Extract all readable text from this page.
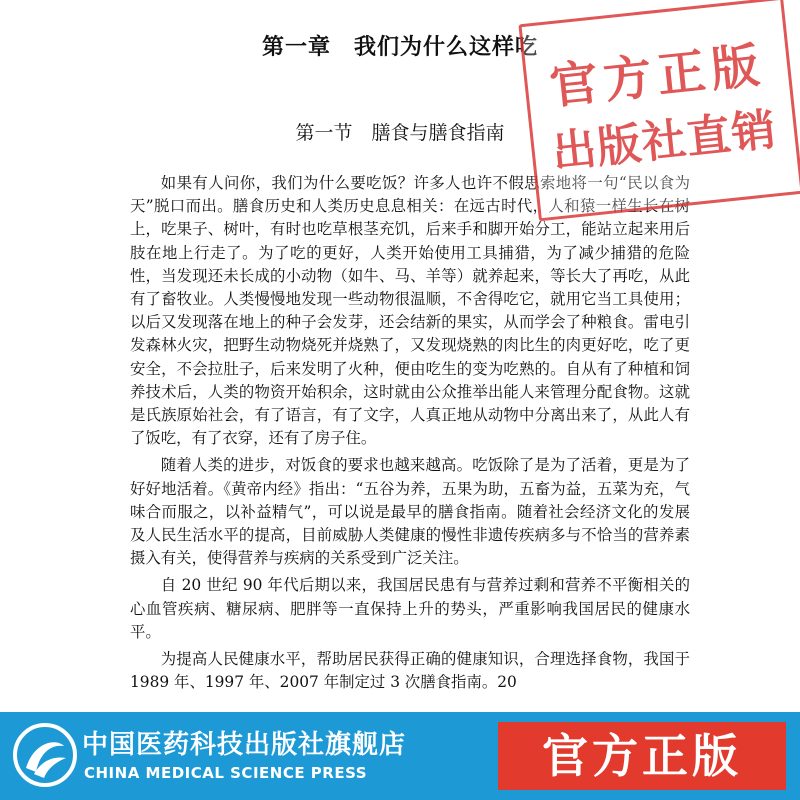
第一章　我们为什么这样吃
第一节　膳食与膳食指南

如果有人问你，我们为什么要吃饭？许多人也许不假思索地将一句“民以食为天”脱口而出。膳食历史和人类历史息息相关：在远古时代，人和猿一样生长在树上，吃果子、树叶，有时也吃草根茎充饥，后来手和脚开始分工，能站立起来用后肢在地上行走了。为了吃的更好，人类开始使用工具捕猎，为了减少捕猎的危险性，当发现还未长成的小动物（如牛、马、羊等）就养起来，等长大了再吃，从此有了畜牧业。人类慢慢地发现一些动物很温顺，不舍得吃它，就用它当工具使用；以后又发现落在地上的种子会发芽，还会结新的果实，从而学会了种粮食。雷电引发森林火灾，把野生动物烧死并烧熟了，又发现烧熟的肉比生的肉更好吃，吃了更安全，不会拉肚子，后来发明了火种，便由吃生的变为吃熟的。自从有了种植和饲养技术后，人类的物资开始积余，这时就由公众推举出能人来管理分配食物。这就是氏族原始社会，有了语言，有了文字，人真正地从动物中分离出来了，从此人有了饭吃，有了衣穿，还有了房子住。

随着人类的进步，对饭食的要求也越来越高。吃饭除了是为了活着，更是为了好好地活着。《黄帝内经》指出：“五谷为养，五果为助，五畜为益，五菜为充，气味合而服之，以补益精气”，可以说是最早的膳食指南。随着社会经济文化的发展及人民生活水平的提高，目前威胁人类健康的慢性非遗传疾病多与不恰当的营养素摄入有关，使得营养与疾病的关系受到广泛关注。

自 20 世纪 90 年代后期以来，我国居民患有与营养过剩和营养不平衡相关的心血管疾病、糖尿病、肥胖等一直保持上升的势头，严重影响我国居民的健康水平。

为提高人民健康水平，帮助居民获得正确的健康知识，合理选择食物，我国于 1989 年、1997 年、2007 年制定过 3 次膳食指南。20

官方正版
出版社直销
中国医药科技出版社旗舰店
CHINA MEDICAL SCIENCE PRESS	官方正版
